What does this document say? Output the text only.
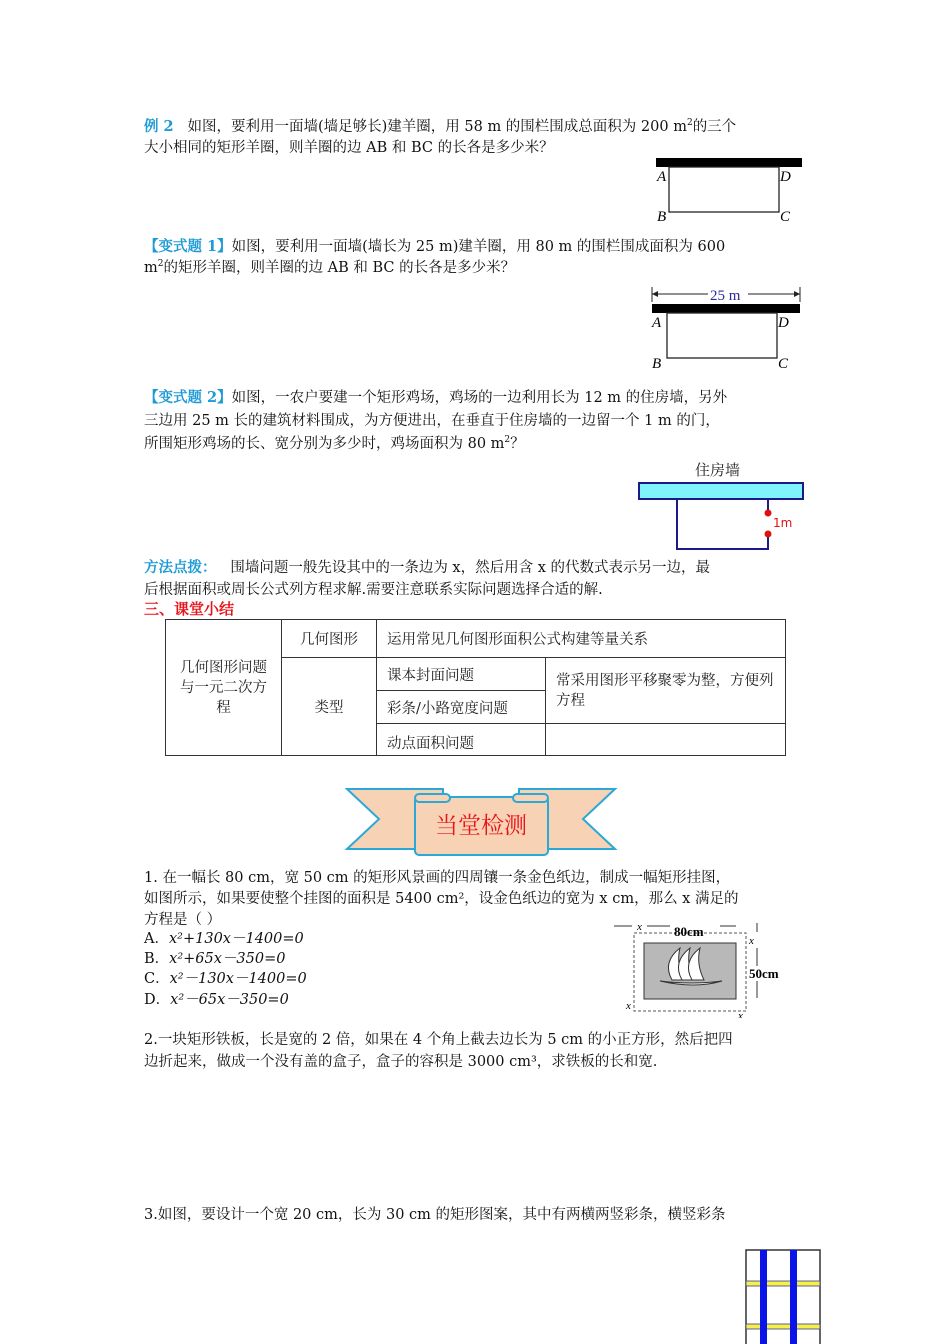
例 2 如图，要利用一面墙(墙足够长)建羊圈，用 58 m 的围栏围成总面积为 200 $m^2$的三个
大小相同的矩形羊圈，则羊圈的边 AB 和 BC 的长各是多少米？
A	D
B	C
【变式题 1】如图，要利用一面墙(墙长为 25 m)建羊圈，用 80 m 的围栏围成面积为 600
$m^2$的矩形羊圈，则羊圈的边 AB 和 BC 的长各是多少米？
25 m
A	D
B	C
【变式题 2】如图，一农户要建一个矩形鸡场，鸡场的一边利用长为 12 m 的住房墙，另外
三边用 25 m 长的建筑材料围成，为方便进出，在垂直于住房墙的一边留一个 1 m 的门，
所围矩形鸡场的长、宽分别为多少时，鸡场面积为 80 $m^2$？
住房墙
1m
方法点拨： 围墙问题一般先设其中的一条边为 x，然后用含 x 的代数式表示另一边，最
后根据面积或周长公式列方程求解.需要注意联系实际问题选择合适的解.
三、课堂小结
几何图形问题与一元二次方程	几何图形	运用常见几何图形面积公式构建等量关系	
	类型	课本封面问题	常采用图形平移聚零为整，方便列方程
		彩条/小路宽度问题	
		动点面积问题	
当堂检测
1. 在一幅长 80 cm，宽 50 cm 的矩形风景画的四周镶一条金色纸边，制成一幅矩形挂图，
如图所示，如果要使整个挂图的面积是 5400 cm²，设金色纸边的宽为 x cm，那么 x 满足的
方程是（ ）
A．x²+130x－1400=0
B．x²+65x－350=0
C．x²－130x－1400=0
D．x²－65x－350=0
80cm
50cm
x
x
x
x
2.一块矩形铁板，长是宽的 2 倍，如果在 4 个角上截去边长为 5 cm 的小正方形，然后把四
边折起来，做成一个没有盖的盒子，盒子的容积是 3000 cm³，求铁板的长和宽.
3.如图，要设计一个宽 20 cm，长为 30 cm 的矩形图案，其中有两横两竖彩条，横竖彩条
